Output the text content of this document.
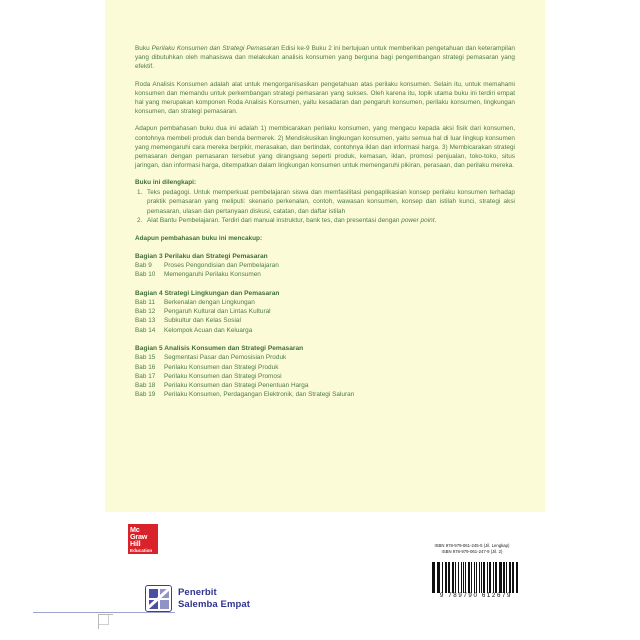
Buku Perilaku Konsumen dan Strategi Pemasaran Edisi ke-9 Buku 2 ini bertujuan untuk memberikan pengetahuan dan keterampilan yang dibutuhkan oleh mahasiswa dan melakukan analisis konsumen yang berguna bagi pengembangan strategi pemasaran yang efektif.

Roda Analisis Konsumen adalah alat untuk mengorganisasikan pengetahuan atas perilaku konsumen. Selain itu, untuk memahami konsumen dan memandu untuk perkembangan strategi pemasaran yang sukses. Oleh karena itu, topik utama buku ini terdiri empat hal yang merupakan komponen Roda Analisis Konsumen, yaitu kesadaran dan pengaruh konsumen, perilaku konsumen, lingkungan konsumen, dan strategi pemasaran.

Adapun pembahasan buku dua ini adalah 1) membicarakan perilaku konsumen, yang mengacu kepada aksi fisik dari konsumen, contohnya membeli produk dan benda bermerek. 2) Mendiskusikan lingkungan konsumen, yaitu semua hal di luar lingkup konsumen yang memengaruhi cara mereka berpikir, merasakan, dan bertindak, contohnya iklan dan informasi harga. 3) Membicarakan strategi pemasaran dengan pemasaran tersebut yang dirangsang seperti produk, kemasan, iklan, promosi penjualan, toko-toko, situs jaringan, dan informasi harga, ditempatkan dalam lingkungan konsumen untuk memengaruhi pikiran, perasaan, dan perilaku mereka.

Buku ini dilengkapi:
1. Teks pedagogi. Untuk memperkuat pembelajaran siswa dan memfasilitasi pengaplikasian konsep perilaku konsumen terhadap praktik pemasaran yang meliputi: skenario perkenalan, contoh, wawasan konsumen, konsep dan istilah kunci, strategi aksi pemasaran, ulasan dan pertanyaan diskusi, catatan, dan daftar istilah
2. Alat Bantu Pembelajaran. Terdiri dari manual instruktur, bank tes, dan presentasi dengan power point.
Adapun pembahasan buku ini mencakup:
Bagian 3 Perilaku dan Strategi Pemasaran
Bab 9 Proses Pengondisian dan Pembelajaran
Bab 10 Memengaruhi Perilaku Konsumen
Bagian 4 Strategi Lingkungan dan Pemasaran
Bab 11 Berkenalan dengan Lingkungan
Bab 12 Pengaruh Kultural dan Lintas Kultural
Bab 13 Subkultur dan Kelas Sosial
Bab 14 Kelompok Acuan dan Keluarga
Bagian 5 Analisis Konsumen dan Strategi Pemasaran
Bab 15 Segmentasi Pasar dan Pemosisian Produk
Bab 16 Perilaku Konsumen dan Strategi Produk
Bab 17 Perilaku Konsumen dan Strategi Promosi
Bab 18 Perilaku Konsumen dan Strategi Penentuan Harga
Bab 19 Perilaku Konsumen, Perdagangan Elektronik, dan Strategi Saluran
Mc
Graw
Hill
Education
Penerbit
Salemba Empat
ISBN 978-979-061-245-5 (Jil. Lengkap)
ISBN 978-979-061-247-9 (Jil. 2)
9 789790 612679
